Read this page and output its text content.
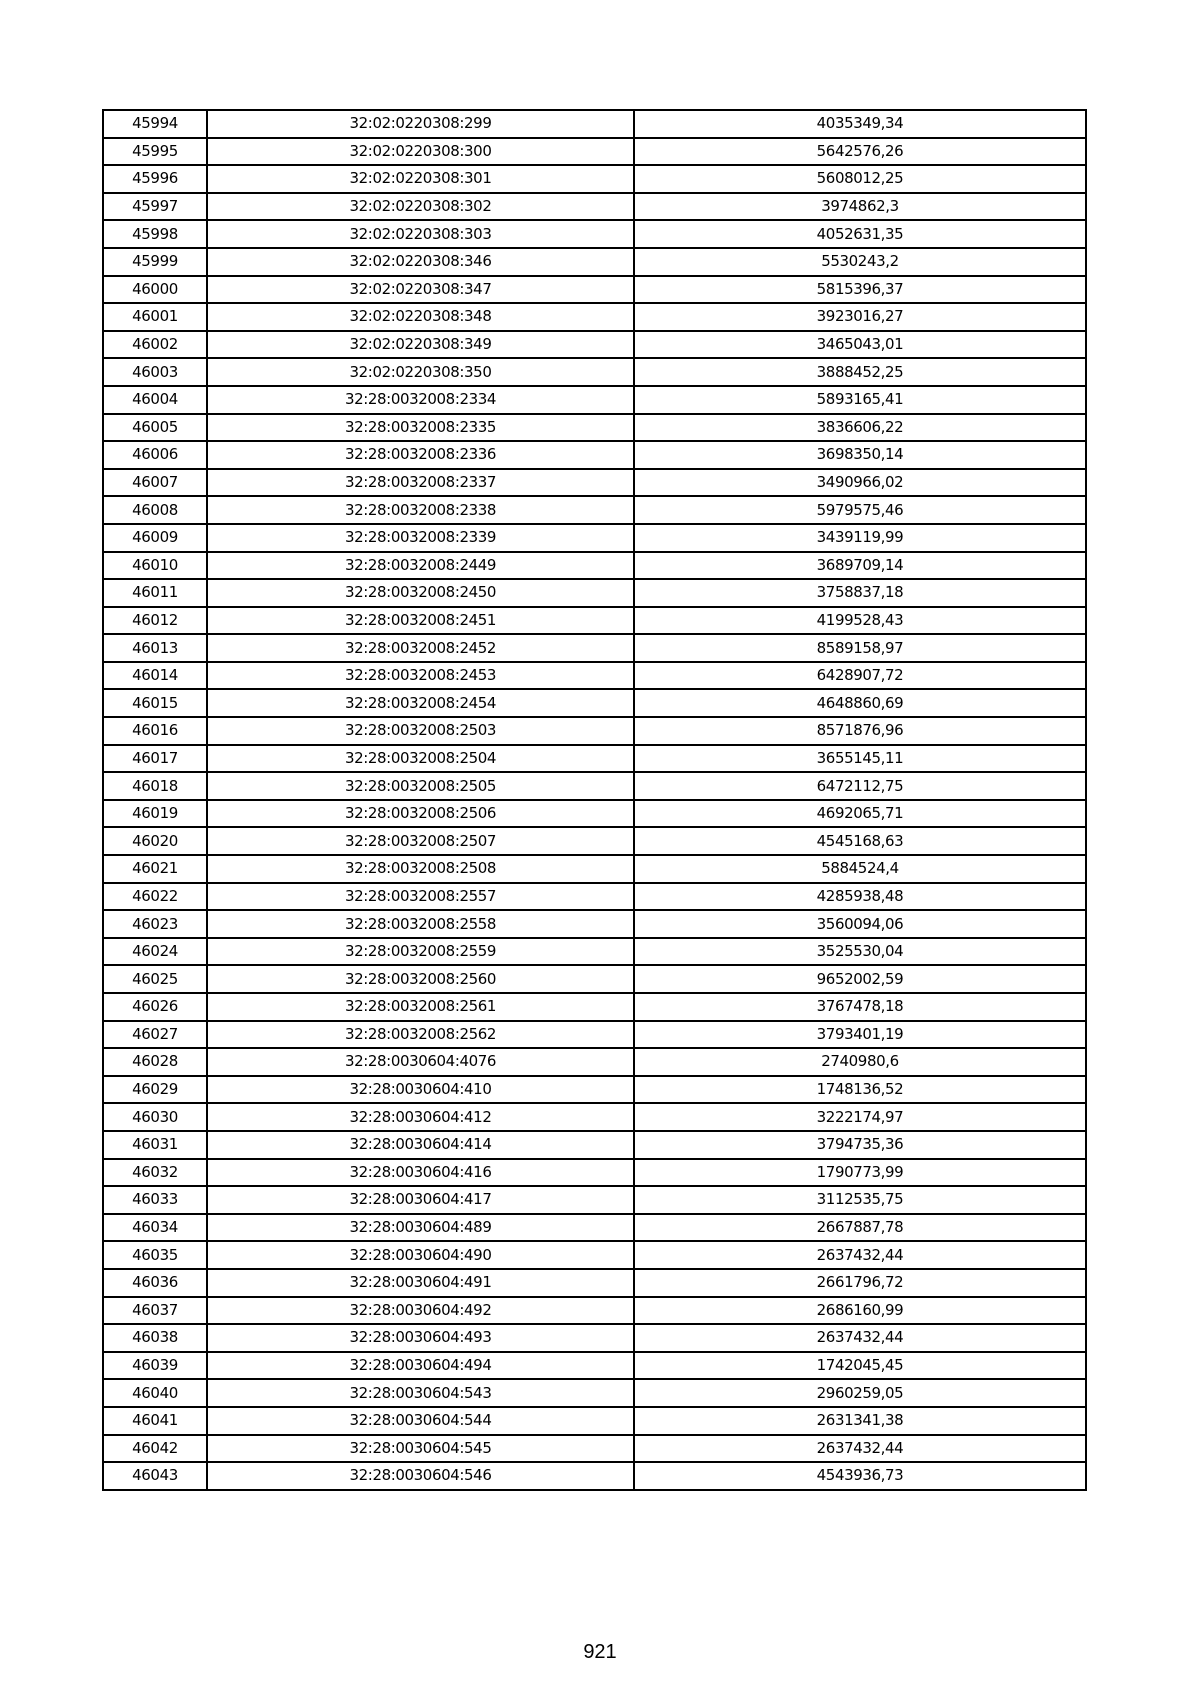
45994	32:02:0220308:299	4035349,34
45995	32:02:0220308:300	5642576,26
45996	32:02:0220308:301	5608012,25
45997	32:02:0220308:302	3974862,3
45998	32:02:0220308:303	4052631,35
45999	32:02:0220308:346	5530243,2
46000	32:02:0220308:347	5815396,37
46001	32:02:0220308:348	3923016,27
46002	32:02:0220308:349	3465043,01
46003	32:02:0220308:350	3888452,25
46004	32:28:0032008:2334	5893165,41
46005	32:28:0032008:2335	3836606,22
46006	32:28:0032008:2336	3698350,14
46007	32:28:0032008:2337	3490966,02
46008	32:28:0032008:2338	5979575,46
46009	32:28:0032008:2339	3439119,99
46010	32:28:0032008:2449	3689709,14
46011	32:28:0032008:2450	3758837,18
46012	32:28:0032008:2451	4199528,43
46013	32:28:0032008:2452	8589158,97
46014	32:28:0032008:2453	6428907,72
46015	32:28:0032008:2454	4648860,69
46016	32:28:0032008:2503	8571876,96
46017	32:28:0032008:2504	3655145,11
46018	32:28:0032008:2505	6472112,75
46019	32:28:0032008:2506	4692065,71
46020	32:28:0032008:2507	4545168,63
46021	32:28:0032008:2508	5884524,4
46022	32:28:0032008:2557	4285938,48
46023	32:28:0032008:2558	3560094,06
46024	32:28:0032008:2559	3525530,04
46025	32:28:0032008:2560	9652002,59
46026	32:28:0032008:2561	3767478,18
46027	32:28:0032008:2562	3793401,19
46028	32:28:0030604:4076	2740980,6
46029	32:28:0030604:410	1748136,52
46030	32:28:0030604:412	3222174,97
46031	32:28:0030604:414	3794735,36
46032	32:28:0030604:416	1790773,99
46033	32:28:0030604:417	3112535,75
46034	32:28:0030604:489	2667887,78
46035	32:28:0030604:490	2637432,44
46036	32:28:0030604:491	2661796,72
46037	32:28:0030604:492	2686160,99
46038	32:28:0030604:493	2637432,44
46039	32:28:0030604:494	1742045,45
46040	32:28:0030604:543	2960259,05
46041	32:28:0030604:544	2631341,38
46042	32:28:0030604:545	2637432,44
46043	32:28:0030604:546	4543936,73
921
